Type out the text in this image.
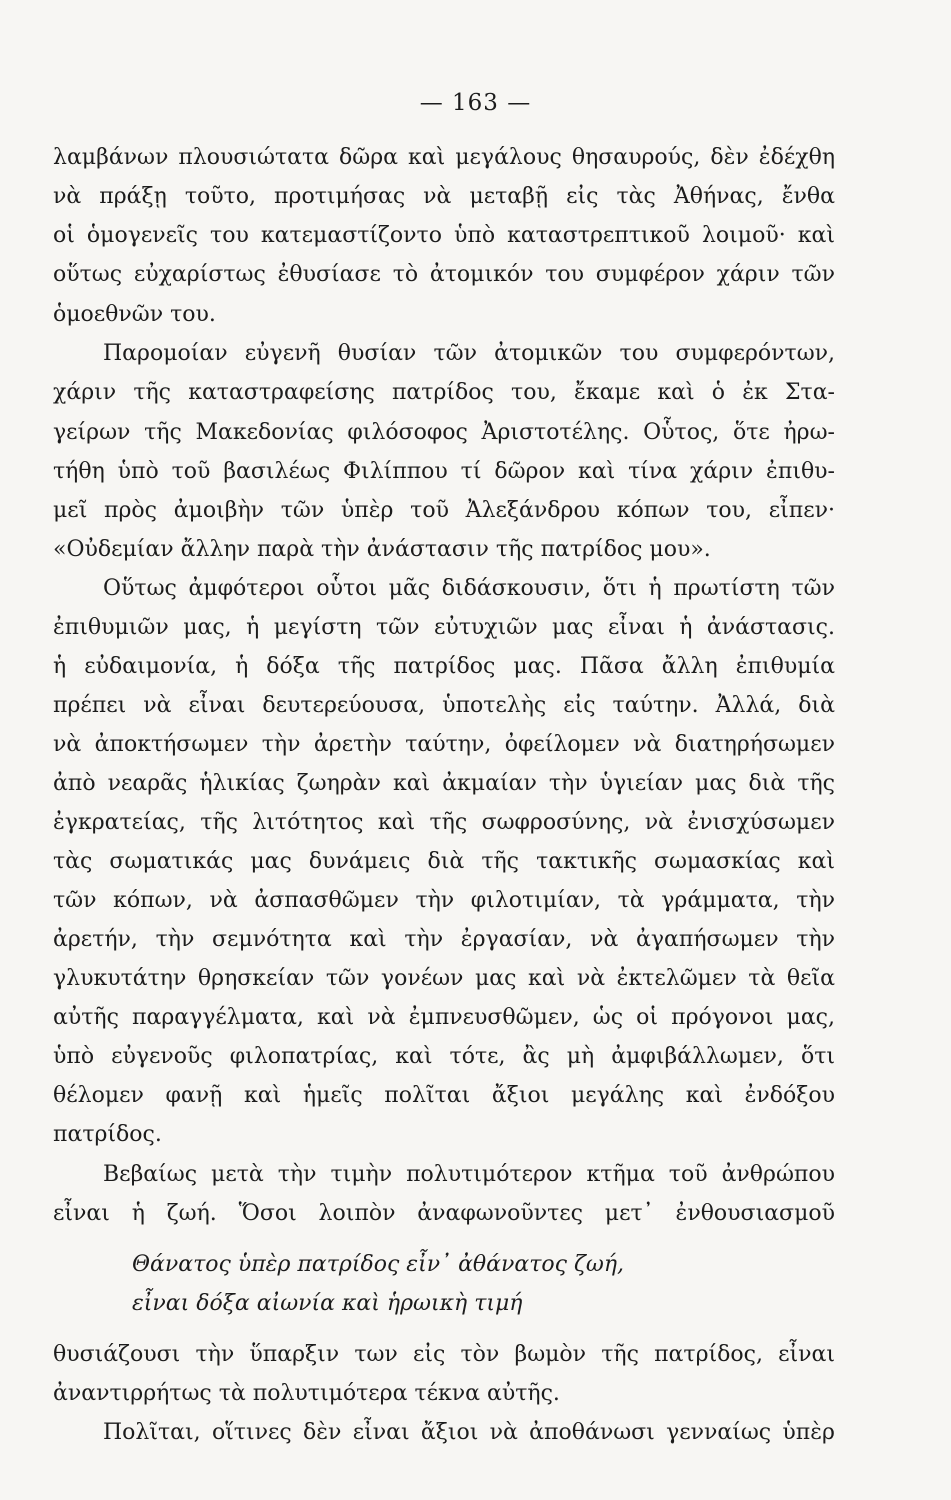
— 163 —
λαμβάνων πλουσιώτατα δῶρα καὶ μεγάλους θησαυρούς, δὲν ἐδέχθη
νὰ πράξῃ τοῦτο, προτιμήσας νὰ μεταβῇ εἰς τὰς Ἀθήνας, ἔνθα
οἱ ὁμογενεῖς του κατεμαστίζοντο ὑπὸ καταστρεπτικοῦ λοιμοῦ· καὶ
οὕτως εὐχαρίστως ἐθυσίασε τὸ ἀτομικόν του συμφέρον χάριν τῶν
ὁμοεθνῶν του.
Παρομοίαν εὐγενῆ θυσίαν τῶν ἀτομικῶν του συμφερόντων,
χάριν τῆς καταστραφείσης πατρίδος του, ἔκαμε καὶ ὁ ἐκ Στα-
γείρων τῆς Μακεδονίας φιλόσοφος Ἀριστοτέλης. Οὗτος, ὅτε ἠρω-
τήθη ὑπὸ τοῦ βασιλέως Φιλίππου τί δῶρον καὶ τίνα χάριν ἐπιθυ-
μεῖ πρὸς ἀμοιβὴν τῶν ὑπὲρ τοῦ Ἀλεξάνδρου κόπων του, εἶπεν·
«Οὐδεμίαν ἄλλην παρὰ τὴν ἀνάστασιν τῆς πατρίδος μου».
Οὕτως ἀμφότεροι οὗτοι μᾶς διδάσκουσιν, ὅτι ἡ πρωτίστη τῶν
ἐπιθυμιῶν μας, ἡ μεγίστη τῶν εὐτυχιῶν μας εἶναι ἡ ἀνάστασις.
ἡ εὐδαιμονία, ἡ δόξα τῆς πατρίδος μας. Πᾶσα ἄλλη ἐπιθυμία
πρέπει νὰ εἶναι δευτερεύουσα, ὑποτελὴς εἰς ταύτην. Ἀλλά, διὰ
νὰ ἀποκτήσωμεν τὴν ἀρετὴν ταύτην, ὀφείλομεν νὰ διατηρήσωμεν
ἀπὸ νεαρᾶς ἡλικίας ζωηρὰν καὶ ἀκμαίαν τὴν ὑγιείαν μας διὰ τῆς
ἐγκρατείας, τῆς λιτότητος καὶ τῆς σωφροσύνης, νὰ ἐνισχύσωμεν
τὰς σωματικάς μας δυνάμεις διὰ τῆς τακτικῆς σωμασκίας καὶ
τῶν κόπων, νὰ ἀσπασθῶμεν τὴν φιλοτιμίαν, τὰ γράμματα, τὴν
ἀρετήν, τὴν σεμνότητα καὶ τὴν ἐργασίαν, νὰ ἀγαπήσωμεν τὴν
γλυκυτάτην θρησκείαν τῶν γονέων μας καὶ νὰ ἐκτελῶμεν τὰ θεῖα
αὐτῆς παραγγέλματα, καὶ νὰ ἐμπνευσθῶμεν, ὡς οἱ πρόγονοι μας,
ὑπὸ εὐγενοῦς φιλοπατρίας, καὶ τότε, ἂς μὴ ἀμφιβάλλωμεν, ὅτι
θέλομεν φανῇ καὶ ἡμεῖς πολῖται ἄξιοι μεγάλης καὶ ἐνδόξου
πατρίδος.
Βεβαίως μετὰ τὴν τιμὴν πολυτιμότερον κτῆμα τοῦ ἀνθρώπου
εἶναι ἡ ζωή. Ὅσοι λοιπὸν ἀναφωνοῦντες μετ᾽ ἐνθουσιασμοῦ
Θάνατος ὑπὲρ πατρίδος εἶν᾽ ἀθάνατος ζωή,
εἶναι δόξα αἰωνία καὶ ἡρωικὴ τιμή
θυσιάζουσι τὴν ὕπαρξιν των εἰς τὸν βωμὸν τῆς πατρίδος, εἶναι
ἀναντιρρήτως τὰ πολυτιμότερα τέκνα αὐτῆς.
Πολῖται, οἵτινες δὲν εἶναι ἄξιοι νὰ ἀποθάνωσι γενναίως ὑπὲρ
